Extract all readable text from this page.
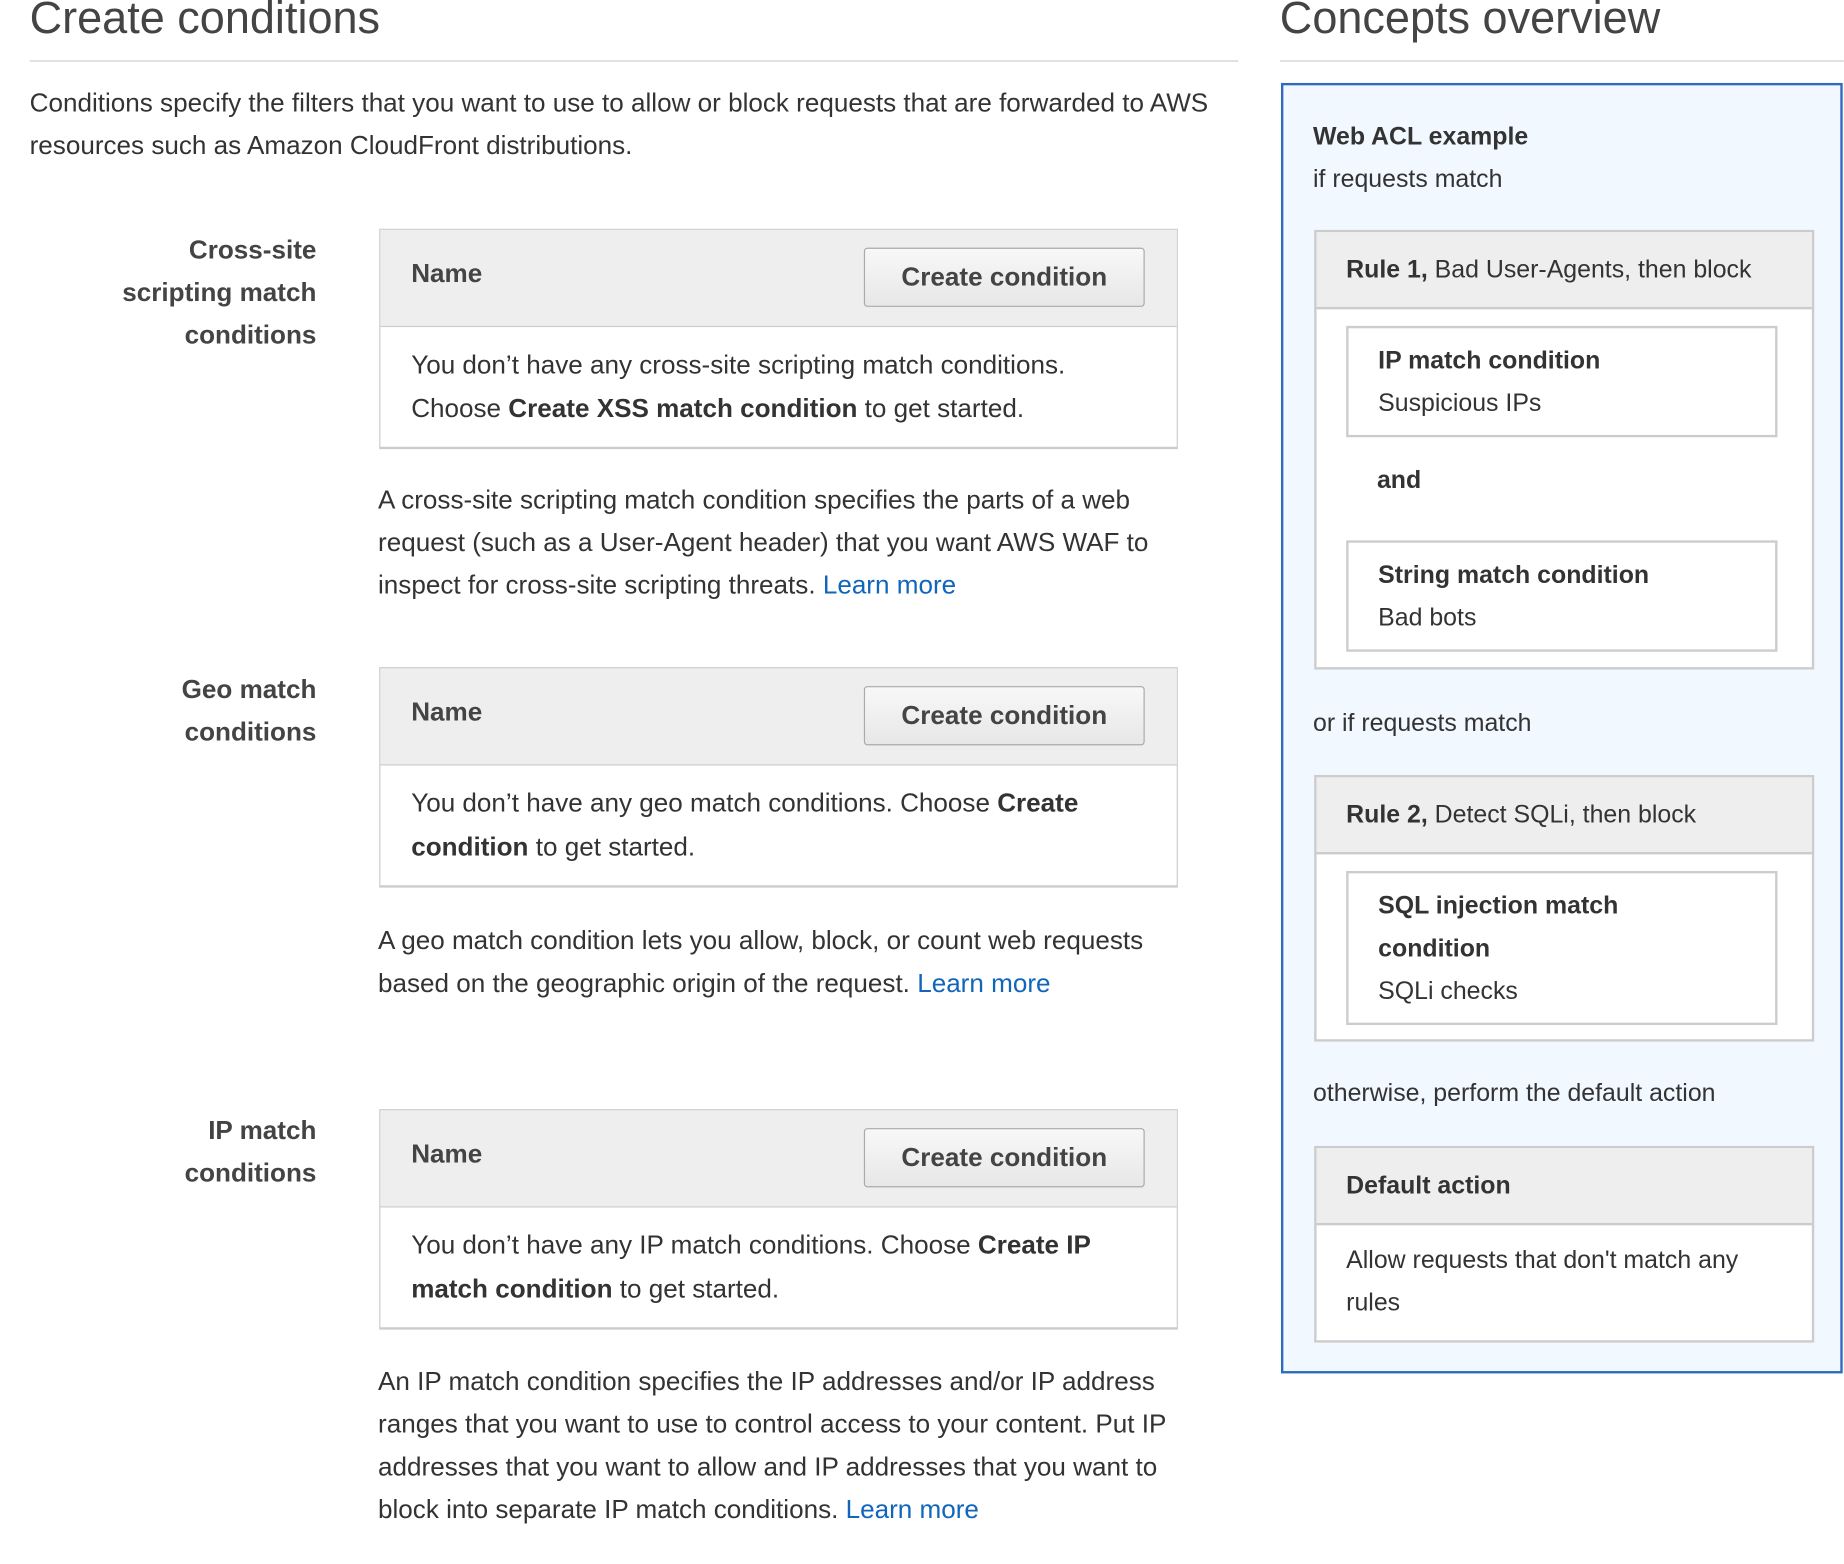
Create conditions
Conditions specify the filters that you want to use to allow or block requests that are forwarded to AWS resources such as Amazon CloudFront distributions.
Cross-site scripting match conditions
Name	Create condition
You don’t have any cross-site scripting match conditions. Choose Create XSS match condition to get started.
A cross-site scripting match condition specifies the parts of a web request (such as a User-Agent header) that you want AWS WAF to inspect for cross-site scripting threats. Learn more
Geo match conditions
Name	Create condition
You don’t have any geo match conditions. Choose Create condition to get started.
A geo match condition lets you allow, block, or count web requests based on the geographic origin of the request. Learn more
IP match conditions
Name	Create condition
You don’t have any IP match conditions. Choose Create IP match condition to get started.
An IP match condition specifies the IP addresses and/or IP address ranges that you want to use to control access to your content. Put IP addresses that you want to allow and IP addresses that you want to block into separate IP match conditions. Learn more
Concepts overview
Web ACL example
if requests match
Rule 1, Bad User-Agents, then block
IP match condition
Suspicious IPs
and
String match condition
Bad bots
or if requests match
Rule 2, Detect SQLi, then block
SQL injection match condition
SQLi checks
otherwise, perform the default action
Default action
Allow requests that don't match any rules
